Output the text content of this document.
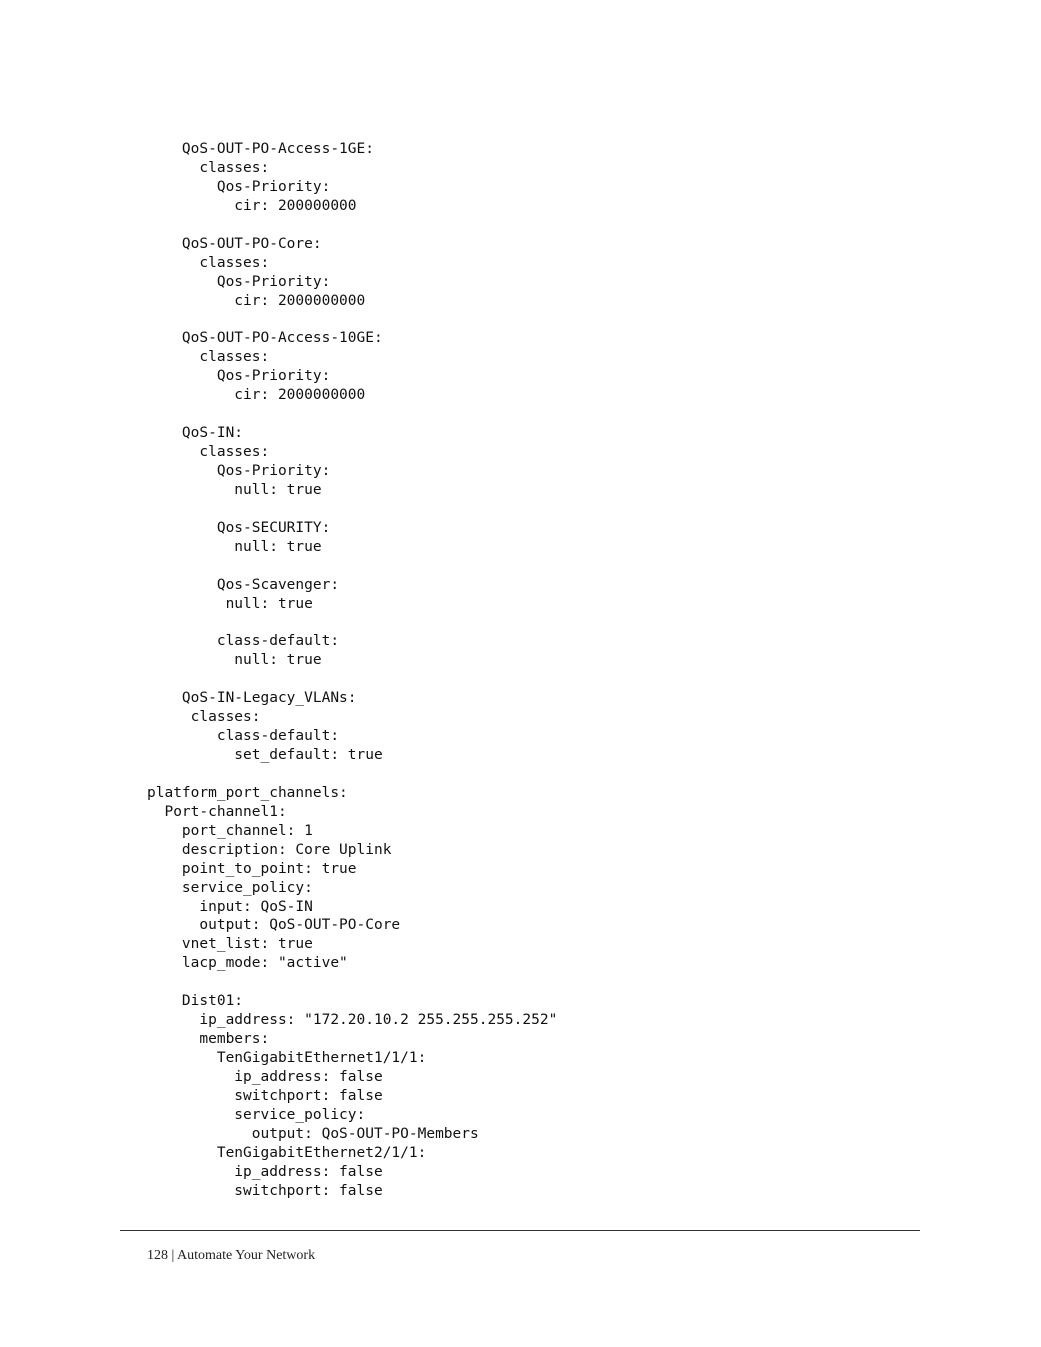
QoS-OUT-PO-Access-1GE:
classes:
Qos-Priority:
cir: 200000000
QoS-OUT-PO-Core:
classes:
Qos-Priority:
cir: 2000000000
QoS-OUT-PO-Access-10GE:
classes:
Qos-Priority:
cir: 2000000000
QoS-IN:
classes:
Qos-Priority:
null: true
Qos-SECURITY:
null: true
Qos-Scavenger:
null: true
class-default:
null: true
QoS-IN-Legacy_VLANs:
classes:
class-default:
set_default: true
platform_port_channels:
Port-channel1:
port_channel: 1
description: Core Uplink
point_to_point: true
service_policy:
input: QoS-IN
output: QoS-OUT-PO-Core
vnet_list: true
lacp_mode: "active"
Dist01:
ip_address: "172.20.10.2 255.255.255.252"
members:
TenGigabitEthernet1/1/1:
ip_address: false
switchport: false
service_policy:
output: QoS-OUT-PO-Members
TenGigabitEthernet2/1/1:
ip_address: false
switchport: false
128 | Automate Your Network
